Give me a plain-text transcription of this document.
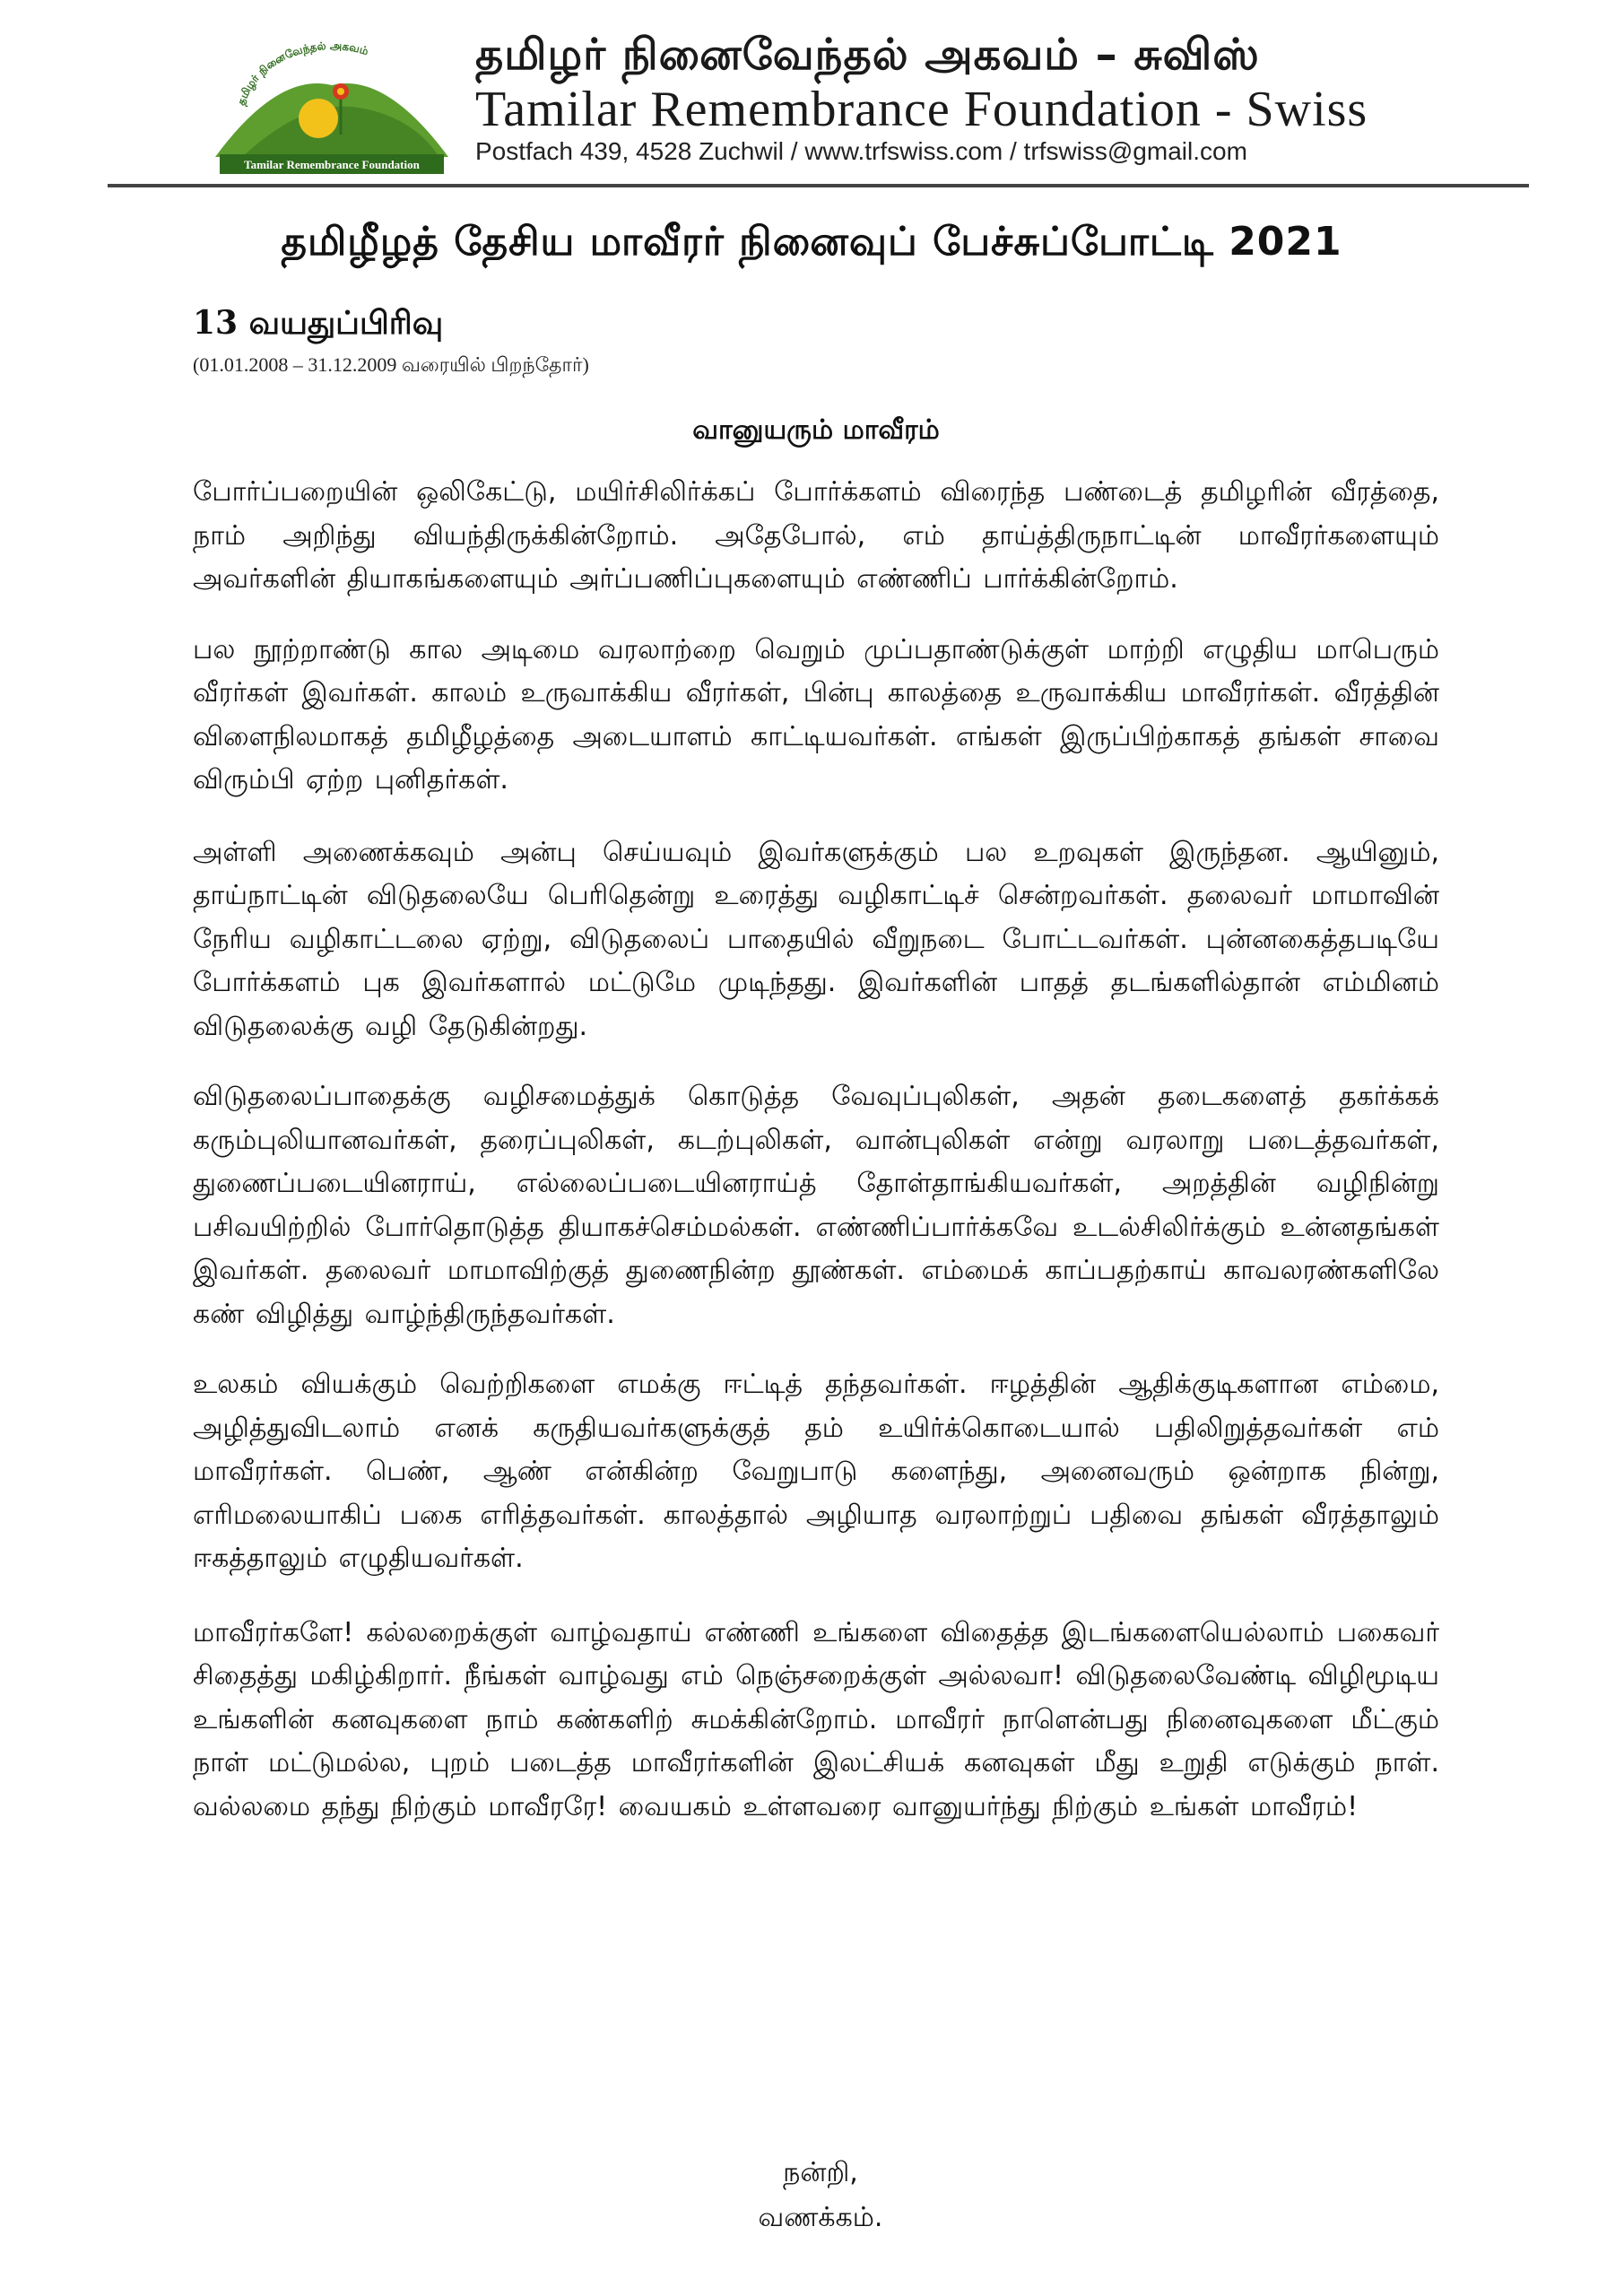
தமிழர் நினைவேந்தல் அகவம்
Tamilar Remembrance Foundation
தமிழர் நினைவேந்தல் அகவம் – சுவிஸ்
Tamilar Remembrance Foundation - Swiss
Postfach 439, 4528 Zuchwil / www.trfswiss.com / trfswiss@gmail.com
தமிழீழத் தேசிய மாவீரர் நினைவுப் பேச்சுப்போட்டி 2021
13 வயதுப்பிரிவு
(01.01.2008 – 31.12.2009 வரையில் பிறந்தோர்)
வானுயரும் மாவீரம்

போர்ப்பறையின் ஒலிகேட்டு, மயிர்சிலிர்க்கப் போர்க்களம் விரைந்த பண்டைத் தமிழரின் வீரத்தை, நாம் அறிந்து வியந்திருக்கின்றோம். அதேபோல், எம் தாய்த்திருநாட்டின் மாவீரர்களையும் அவர்களின் தியாகங்களையும் அர்ப்பணிப்புகளையும் எண்ணிப் பார்க்கின்றோம்.

பல நூற்றாண்டு கால அடிமை வரலாற்றை வெறும் முப்பதாண்டுக்குள் மாற்றி எழுதிய மாபெரும் வீரர்கள் இவர்கள். காலம் உருவாக்கிய வீரர்கள், பின்பு காலத்தை உருவாக்கிய மாவீரர்கள். வீரத்தின் விளைநிலமாகத் தமிழீழத்தை அடையாளம் காட்டியவர்கள். எங்கள் இருப்பிற்காகத் தங்கள் சாவை விரும்பி ஏற்ற புனிதர்கள்.

அள்ளி அணைக்கவும் அன்பு செய்யவும் இவர்களுக்கும் பல உறவுகள் இருந்தன. ஆயினும், தாய்நாட்டின் விடுதலையே பெரிதென்று உரைத்து வழிகாட்டிச் சென்றவர்கள். தலைவர் மாமாவின் நேரிய வழிகாட்டலை ஏற்று, விடுதலைப் பாதையில் வீறுநடை போட்டவர்கள். புன்னகைத்தபடியே போர்க்களம் புக இவர்களால் மட்டுமே முடிந்தது. இவர்களின் பாதத் தடங்களில்தான் எம்மினம் விடுதலைக்கு வழி தேடுகின்றது.

விடுதலைப்பாதைக்கு வழிசமைத்துக் கொடுத்த வேவுப்புலிகள், அதன் தடைகளைத் தகர்க்கக் கரும்புலியானவர்கள், தரைப்புலிகள், கடற்புலிகள், வான்புலிகள் என்று வரலாறு படைத்தவர்கள், துணைப்படையினராய், எல்லைப்படையினராய்த் தோள்தாங்கியவர்கள், அறத்தின் வழிநின்று பசிவயிற்றில் போர்தொடுத்த தியாகச்செம்மல்கள். எண்ணிப்பார்க்கவே உடல்சிலிர்க்கும் உன்னதங்கள் இவர்கள். தலைவர் மாமாவிற்குத் துணைநின்ற தூண்கள். எம்மைக் காப்பதற்காய் காவலரண்களிலே கண் விழித்து வாழ்ந்திருந்தவர்கள்.

உலகம் வியக்கும் வெற்றிகளை எமக்கு ஈட்டித் தந்தவர்கள். ஈழத்தின் ஆதிக்குடிகளான எம்மை, அழித்துவிடலாம் எனக் கருதியவர்களுக்குத் தம் உயிர்க்கொடையால் பதிலிறுத்தவர்கள் எம் மாவீரர்கள். பெண், ஆண் என்கின்ற வேறுபாடு களைந்து, அனைவரும் ஒன்றாக நின்று, எரிமலையாகிப் பகை எரித்தவர்கள். காலத்தால் அழியாத வரலாற்றுப் பதிவை தங்கள் வீரத்தாலும் ஈகத்தாலும் எழுதியவர்கள்.

மாவீரர்களே! கல்லறைக்குள் வாழ்வதாய் எண்ணி உங்களை விதைத்த இடங்களையெல்லாம் பகைவர் சிதைத்து மகிழ்கிறார். நீங்கள் வாழ்வது எம் நெஞ்சறைக்குள் அல்லவா! விடுதலைவேண்டி விழிமூடிய உங்களின் கனவுகளை நாம் கண்களிற் சுமக்கின்றோம். மாவீரர் நாளென்பது நினைவுகளை மீட்கும் நாள் மட்டுமல்ல, புறம் படைத்த மாவீரர்களின் இலட்சியக் கனவுகள் மீது உறுதி எடுக்கும் நாள். வல்லமை தந்து நிற்கும் மாவீரரே! வையகம் உள்ளவரை வானுயர்ந்து நிற்கும் உங்கள் மாவீரம்!

நன்றி,
வணக்கம்.
